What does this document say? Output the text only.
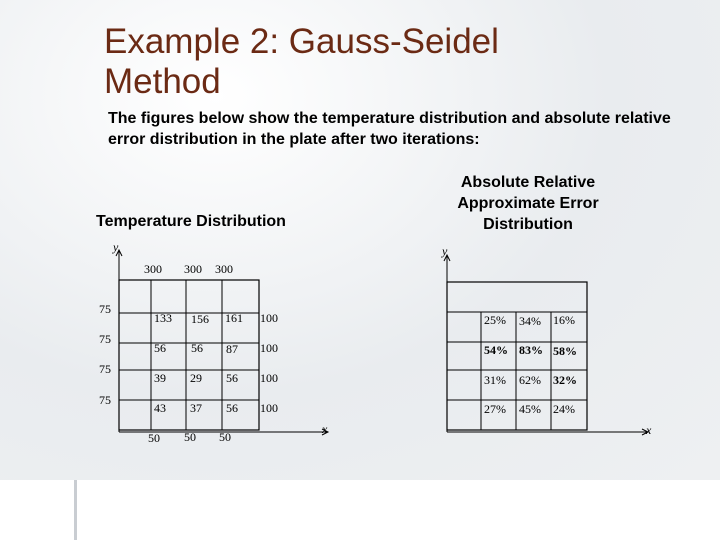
Example 2: Gauss-Seidel Method
The figures below show the temperature distribution and absolute relative error distribution in the plate after two iterations:
Temperature Distribution
Absolute Relative Approximate Error Distribution
y
x
300 300 300
75
75
75
75
100
100
100
100
50 50 50
133 156 161
56 56 87
39 29 56
43 37 56
y
x
25% 34% 16%
54% 83% 58%
31% 62% 32%
27% 45% 24%
